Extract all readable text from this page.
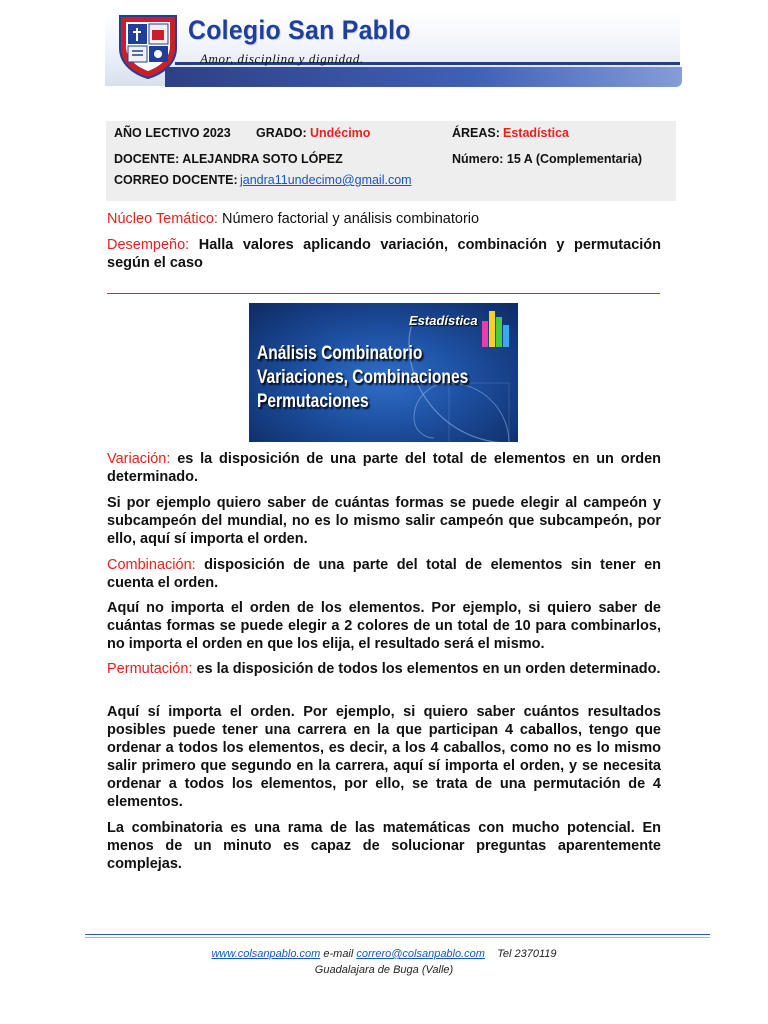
Colegio San Pablo
Amor, disciplina y dignidad.
AÑO LECTIVO 2023 GRADO: Undécimo	ÁREAS: Estadística
DOCENTE: ALEJANDRA SOTO LÓPEZ	Número: 15 A (Complementaria)
CORREO DOCENTE: jandra11undecimo@gmail.com
Núcleo Temático: Número factorial y análisis combinatorio
Desempeño: Halla valores aplicando variación, combinación y permutación según el caso
Estadística
Análisis Combinatorio
Variaciones, Combinaciones
Permutaciones
Variación: es la disposición de una parte del total de elementos en un orden determinado.
Si por ejemplo quiero saber de cuántas formas se puede elegir al campeón y subcampeón del mundial, no es lo mismo salir campeón que subcampeón, por ello, aquí sí importa el orden.
Combinación: disposición de una parte del total de elementos sin tener en cuenta el orden.
Aquí no importa el orden de los elementos. Por ejemplo, si quiero saber de cuántas formas se puede elegir a 2 colores de un total de 10 para combinarlos, no importa el orden en que los elija, el resultado será el mismo.
Permutación: es la disposición de todos los elementos en un orden determinado.
Aquí sí importa el orden. Por ejemplo, si quiero saber cuántos resultados posibles puede tener una carrera en la que participan 4 caballos, tengo que ordenar a todos los elementos, es decir, a los 4 caballos, como no es lo mismo salir primero que segundo en la carrera, aquí sí importa el orden, y se necesita ordenar a todos los elementos, por ello, se trata de una permutación de 4 elementos.
La combinatoria es una rama de las matemáticas con mucho potencial. En menos de un minuto es capaz de solucionar preguntas aparentemente complejas.
www.colsanpablo.com e-mail correro@colsanpablo.com Tel 2370119
Guadalajara de Buga (Valle)
